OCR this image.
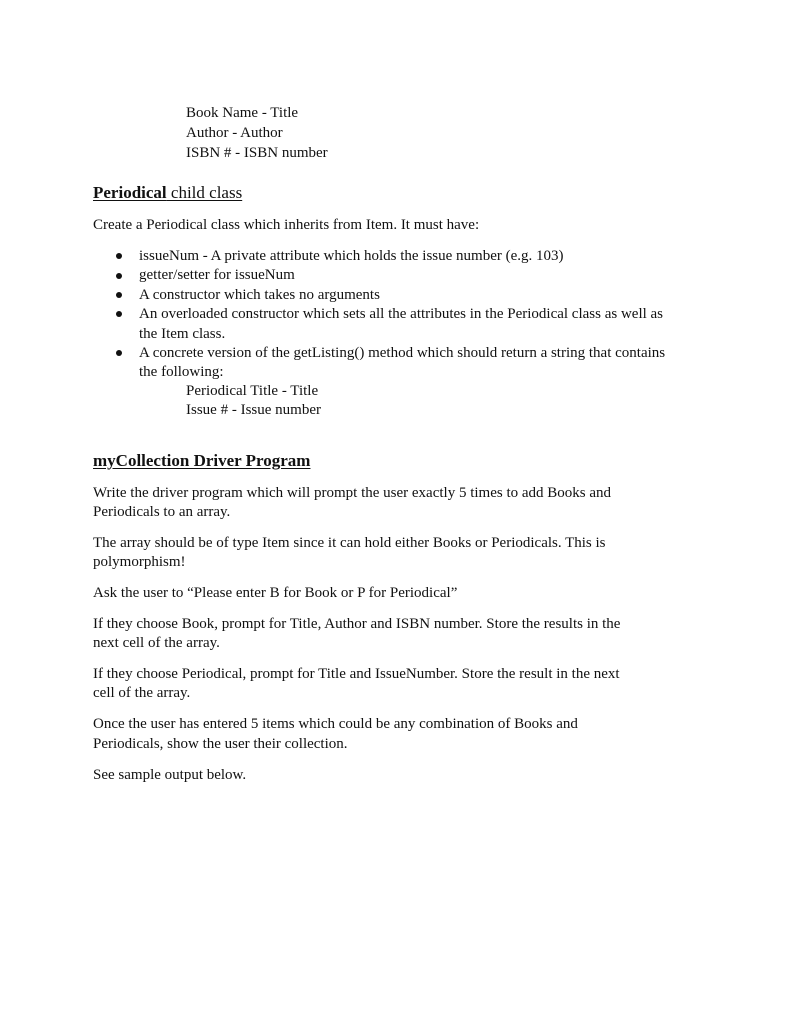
Book Name - Title
Author - Author
ISBN # - ISBN number
Periodical child class
Create a Periodical class which inherits from Item. It must have:
issueNum - A private attribute which holds the issue number (e.g. 103)
getter/setter for issueNum
A constructor which takes no arguments
An overloaded constructor which sets all the attributes in the Periodical class as well as
the Item class.
A concrete version of the getListing() method which should return a string that contains
the following:
Periodical Title - Title
Issue # - Issue number
myCollection Driver Program
Write the driver program which will prompt the user exactly 5 times to add Books and
Periodicals to an array.
The array should be of type Item since it can hold either Books or Periodicals. This is
polymorphism!
Ask the user to “Please enter B for Book or P for Periodical”
If they choose Book, prompt for Title, Author and ISBN number. Store the results in the
next cell of the array.
If they choose Periodical, prompt for Title and IssueNumber. Store the result in the next
cell of the array.
Once the user has entered 5 items which could be any combination of Books and
Periodicals, show the user their collection.
See sample output below.
